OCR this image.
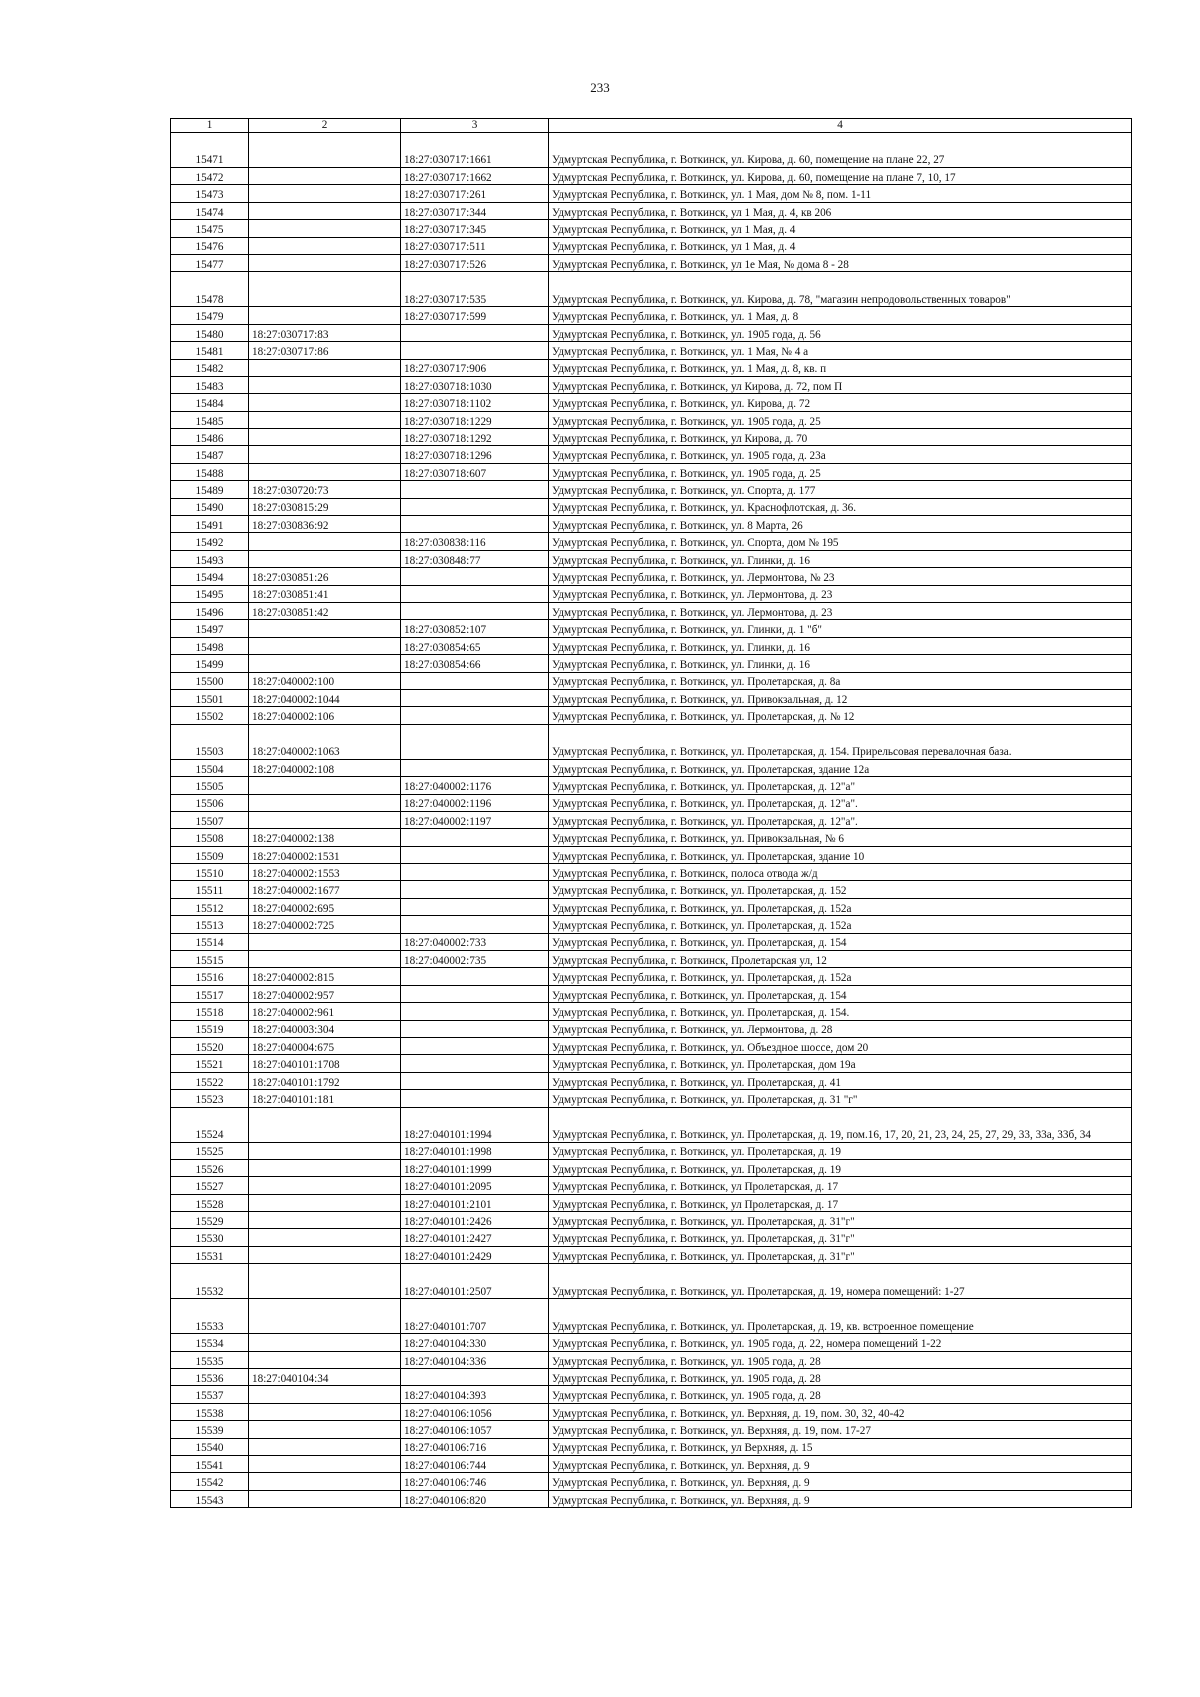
233
1	2	3	4
15471		18:27:030717:1661	Удмуртская Республика, г. Воткинск, ул. Кирова, д. 60, помещение на плане 22, 27
15472		18:27:030717:1662	Удмуртская Республика, г. Воткинск, ул. Кирова, д. 60, помещение на плане 7, 10, 17
15473		18:27:030717:261	Удмуртская Республика, г. Воткинск, ул. 1 Мая, дом № 8, пом. 1-11
15474		18:27:030717:344	Удмуртская Республика, г. Воткинск, ул 1 Мая, д. 4, кв 206
15475		18:27:030717:345	Удмуртская Республика, г. Воткинск, ул 1 Мая, д. 4
15476		18:27:030717:511	Удмуртская Республика, г. Воткинск, ул 1 Мая, д. 4
15477		18:27:030717:526	Удмуртская Республика, г. Воткинск, ул 1е Мая, № дома 8 - 28
15478		18:27:030717:535	Удмуртская Республика, г. Воткинск, ул. Кирова, д. 78, "магазин непродовольственных товаров"
15479		18:27:030717:599	Удмуртская Республика, г. Воткинск, ул. 1 Мая, д. 8
15480	18:27:030717:83		Удмуртская Республика, г. Воткинск, ул. 1905 года, д. 56
15481	18:27:030717:86		Удмуртская Республика, г. Воткинск, ул. 1 Мая, № 4 а
15482		18:27:030717:906	Удмуртская Республика, г. Воткинск, ул. 1 Мая, д. 8, кв. п
15483		18:27:030718:1030	Удмуртская Республика, г. Воткинск, ул Кирова, д. 72, пом П
15484		18:27:030718:1102	Удмуртская Республика, г. Воткинск, ул. Кирова, д. 72
15485		18:27:030718:1229	Удмуртская Республика, г. Воткинск, ул. 1905 года, д. 25
15486		18:27:030718:1292	Удмуртская Республика, г. Воткинск, ул Кирова, д. 70
15487		18:27:030718:1296	Удмуртская Республика, г. Воткинск, ул. 1905 года, д. 23а
15488		18:27:030718:607	Удмуртская Республика, г. Воткинск, ул. 1905 года, д. 25
15489	18:27:030720:73		Удмуртская Республика, г. Воткинск, ул. Спорта, д. 177
15490	18:27:030815:29		Удмуртская Республика, г. Воткинск, ул. Краснофлотская, д. 36.
15491	18:27:030836:92		Удмуртская Республика, г. Воткинск, ул. 8 Марта, 26
15492		18:27:030838:116	Удмуртская Республика, г. Воткинск, ул. Спорта, дом № 195
15493		18:27:030848:77	Удмуртская Республика, г. Воткинск, ул. Глинки, д. 16
15494	18:27:030851:26		Удмуртская Республика, г. Воткинск, ул. Лермонтова, № 23
15495	18:27:030851:41		Удмуртская Республика, г. Воткинск, ул. Лермонтова, д. 23
15496	18:27:030851:42		Удмуртская Республика, г. Воткинск, ул. Лермонтова, д. 23
15497		18:27:030852:107	Удмуртская Республика, г. Воткинск, ул. Глинки, д. 1 "б"
15498		18:27:030854:65	Удмуртская Республика, г. Воткинск, ул. Глинки, д. 16
15499		18:27:030854:66	Удмуртская Республика, г. Воткинск, ул. Глинки, д. 16
15500	18:27:040002:100		Удмуртская Республика, г. Воткинск, ул. Пролетарская, д. 8а
15501	18:27:040002:1044		Удмуртская Республика, г. Воткинск, ул. Привокзальная, д. 12
15502	18:27:040002:106		Удмуртская Республика, г. Воткинск, ул. Пролетарская, д. № 12
15503	18:27:040002:1063		Удмуртская Республика, г. Воткинск, ул. Пролетарская, д. 154. Прирельсовая перевалочная база.
15504	18:27:040002:108		Удмуртская Республика, г. Воткинск, ул. Пролетарская, здание 12а
15505		18:27:040002:1176	Удмуртская Республика, г. Воткинск, ул. Пролетарская, д. 12"а"
15506		18:27:040002:1196	Удмуртская Республика, г. Воткинск, ул. Пролетарская, д. 12"а".
15507		18:27:040002:1197	Удмуртская Республика, г. Воткинск, ул. Пролетарская, д. 12"а".
15508	18:27:040002:138		Удмуртская Республика, г. Воткинск, ул. Привокзальная, № 6
15509	18:27:040002:1531		Удмуртская Республика, г. Воткинск, ул. Пролетарская, здание 10
15510	18:27:040002:1553		Удмуртская Республика, г. Воткинск, полоса отвода ж/д
15511	18:27:040002:1677		Удмуртская Республика, г. Воткинск, ул. Пролетарская, д. 152
15512	18:27:040002:695		Удмуртская Республика, г. Воткинск, ул. Пролетарская, д. 152а
15513	18:27:040002:725		Удмуртская Республика, г. Воткинск, ул. Пролетарская, д. 152а
15514		18:27:040002:733	Удмуртская Республика, г. Воткинск, ул. Пролетарская, д. 154
15515		18:27:040002:735	Удмуртская Республика, г. Воткинск, Пролетарская ул, 12
15516	18:27:040002:815		Удмуртская Республика, г. Воткинск, ул. Пролетарская, д. 152а
15517	18:27:040002:957		Удмуртская Республика, г. Воткинск, ул. Пролетарская, д. 154
15518	18:27:040002:961		Удмуртская Республика, г. Воткинск, ул. Пролетарская, д. 154.
15519	18:27:040003:304		Удмуртская Республика, г. Воткинск, ул. Лермонтова, д. 28
15520	18:27:040004:675		Удмуртская Республика, г. Воткинск, ул. Объездное шоссе, дом 20
15521	18:27:040101:1708		Удмуртская Республика, г. Воткинск, ул. Пролетарская, дом 19а
15522	18:27:040101:1792		Удмуртская Республика, г. Воткинск, ул. Пролетарская, д. 41
15523	18:27:040101:181		Удмуртская Республика, г. Воткинск, ул. Пролетарская, д. 31 "г"
15524		18:27:040101:1994	Удмуртская Республика, г. Воткинск, ул. Пролетарская, д. 19, пом.16, 17, 20, 21, 23, 24, 25, 27, 29, 33, 33а, 33б, 34
15525		18:27:040101:1998	Удмуртская Республика, г. Воткинск, ул. Пролетарская, д. 19
15526		18:27:040101:1999	Удмуртская Республика, г. Воткинск, ул. Пролетарская, д. 19
15527		18:27:040101:2095	Удмуртская Республика, г. Воткинск, ул Пролетарская, д. 17
15528		18:27:040101:2101	Удмуртская Республика, г. Воткинск, ул Пролетарская, д. 17
15529		18:27:040101:2426	Удмуртская Республика, г. Воткинск, ул. Пролетарская, д. 31"г"
15530		18:27:040101:2427	Удмуртская Республика, г. Воткинск, ул. Пролетарская, д. 31"г"
15531		18:27:040101:2429	Удмуртская Республика, г. Воткинск, ул. Пролетарская, д. 31"г"
15532		18:27:040101:2507	Удмуртская Республика, г. Воткинск, ул. Пролетарская, д. 19, номера помещений: 1-27
15533		18:27:040101:707	Удмуртская Республика, г. Воткинск, ул. Пролетарская, д. 19, кв. встроенное помещение
15534		18:27:040104:330	Удмуртская Республика, г. Воткинск, ул. 1905 года, д. 22, номера помещений 1-22
15535		18:27:040104:336	Удмуртская Республика, г. Воткинск, ул. 1905 года, д. 28
15536	18:27:040104:34		Удмуртская Республика, г. Воткинск, ул. 1905 года, д. 28
15537		18:27:040104:393	Удмуртская Республика, г. Воткинск, ул. 1905 года, д. 28
15538		18:27:040106:1056	Удмуртская Республика, г. Воткинск, ул. Верхняя, д. 19, пом. 30, 32, 40-42
15539		18:27:040106:1057	Удмуртская Республика, г. Воткинск, ул. Верхняя, д. 19, пом. 17-27
15540		18:27:040106:716	Удмуртская Республика, г. Воткинск, ул Верхняя, д. 15
15541		18:27:040106:744	Удмуртская Республика, г. Воткинск, ул. Верхняя, д. 9
15542		18:27:040106:746	Удмуртская Республика, г. Воткинск, ул. Верхняя, д. 9
15543		18:27:040106:820	Удмуртская Республика, г. Воткинск, ул. Верхняя, д. 9
